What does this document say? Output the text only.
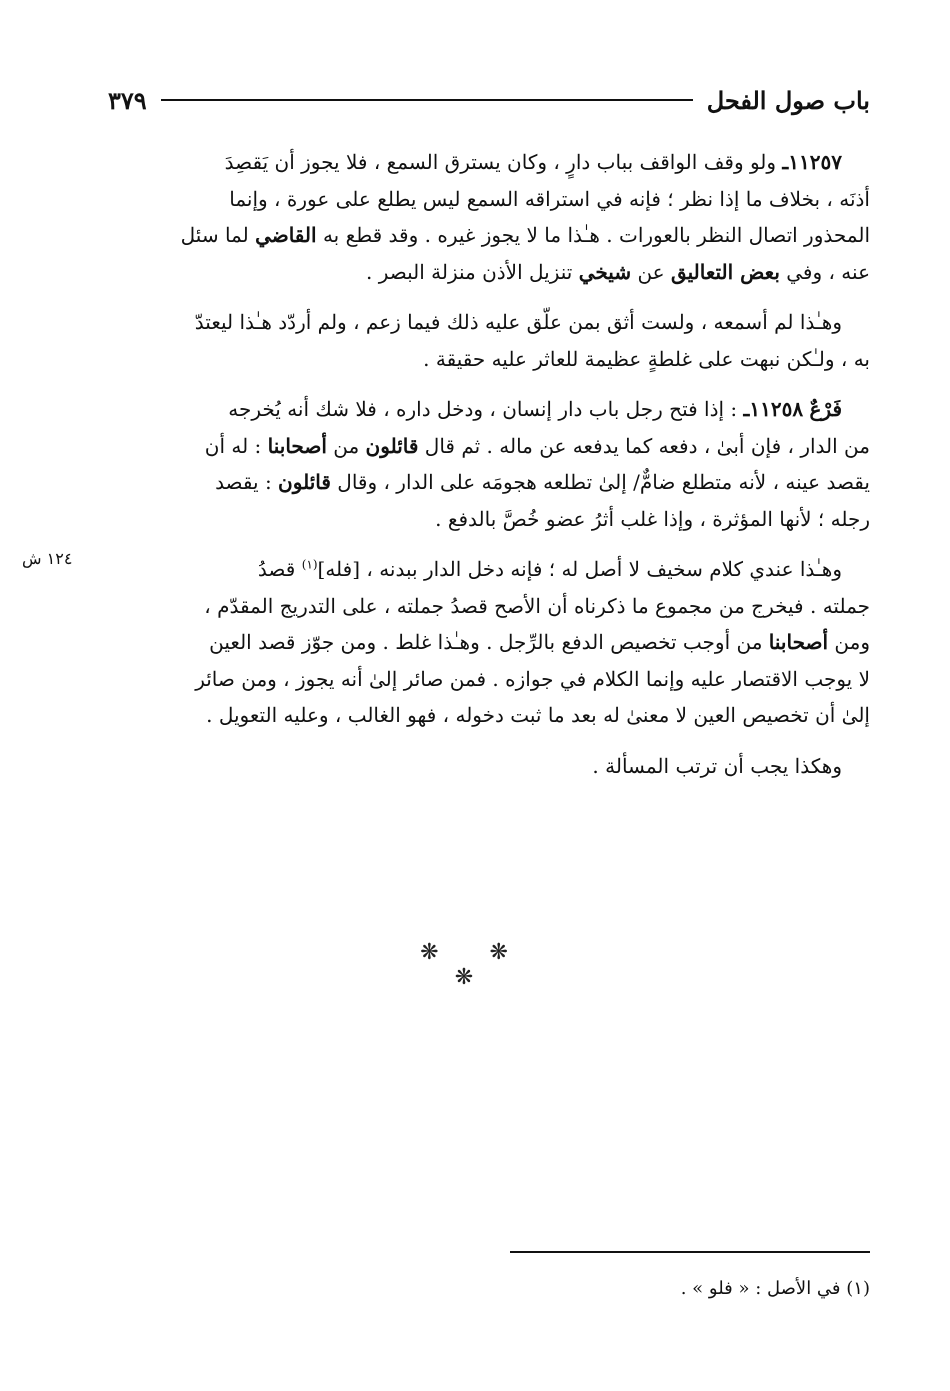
باب صول الفحل
٣٧٩

١١٢٥٧ـ ولو وقف الواقف بباب دارٍ ، وكان يسترق السمع ، فلا يجوز أن يَقصِدَ

أذنَه ، بخلاف ما إذا نظر ؛ فإنه في استراقه السمع ليس يطلع على عورة ، وإنما

المحذور اتصال النظر بالعورات . هـٰذا ما لا يجوز غيره . وقد قطع به القاضي لما سئل

عنه ، وفي بعض التعاليق عن شيخي تنزيل الأذن منزلة البصر .

وهـٰذا لم أسمعه ، ولست أثق بمن علّق عليه ذلك فيما زعم ، ولم أردّد هـٰذا ليعتدّ

به ، ولـٰكن نبهت على غلطةٍ عظيمة للعاثر عليه حقيقة .

فَرْعٌ ١١٢٥٨ـ : إذا فتح رجل باب دار إنسان ، ودخل داره ، فلا شك أنه يُخرجه

من الدار ، فإن أبىٰ ، دفعه كما يدفعه عن ماله . ثم قال قائلون من أصحابنا : له أن

يقصد عينه ، لأنه متطلع ضامٌّ/ إلىٰ تطلعه هجومَه على الدار ، وقال قائلون : يقصد

رجله ؛ لأنها المؤثرة ، وإذا غلب أثرُ عضو خُصَّ بالدفع .

وهـٰذا عندي كلام سخيف لا أصل له ؛ فإنه دخل الدار ببدنه ، [فله]$^{(١)}$ قصدُ

جملته . فيخرج من مجموع ما ذكرناه أن الأصح قصدُ جملته ، على التدريج المقدّم ،

ومن أصحابنا من أوجب تخصيص الدفع بالرِّجل . وهـٰذا غلط . ومن جوّز قصد العين

لا يوجب الاقتصار عليه وإنما الكلام في جوازه . فمن صائر إلىٰ أنه يجوز ، ومن صائر

إلىٰ أن تخصيص العين لا معنىٰ له بعد ما ثبت دخوله ، فهو الغالب ، وعليه التعويل .

وهكذا يجب أن ترتب المسألة .

١٢٤ ش
❋ ❋ ❋
(١) في الأصل : « فلو » .
